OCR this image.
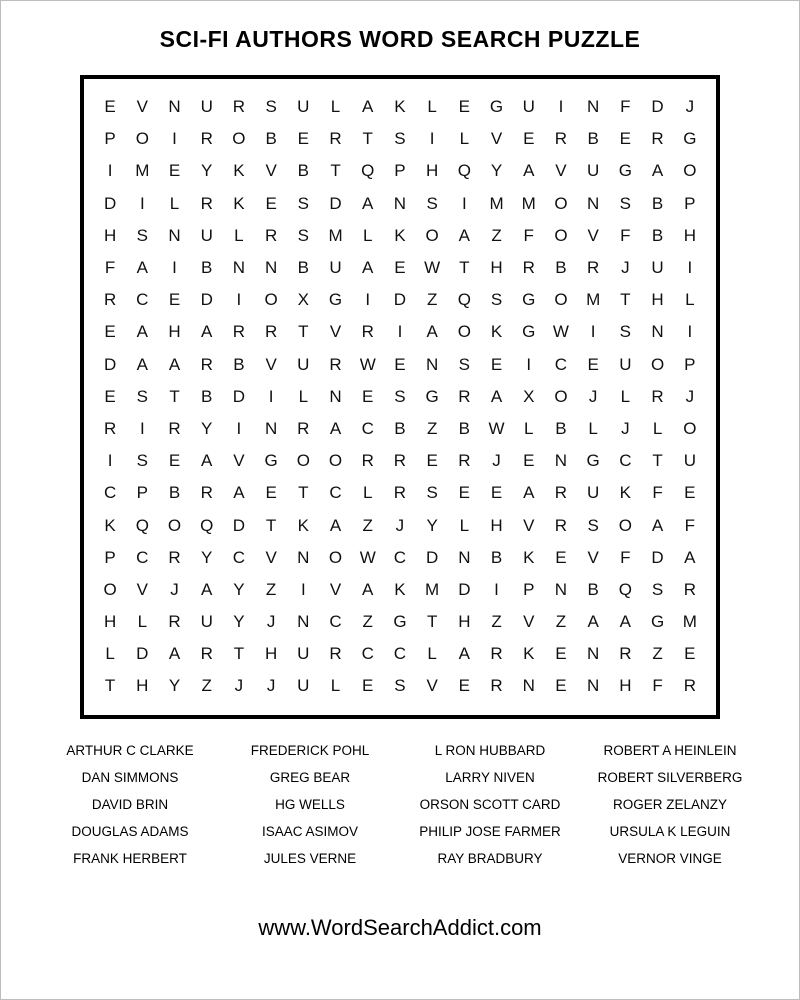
SCI-FI AUTHORS WORD SEARCH PUZZLE
E	V	N	U	R	S	U	L	A	K	L	E	G	U	I	N	F	D	J
P	O	I	R	O	B	E	R	T	S	I	L	V	E	R	B	E	R	G
I	M	E	Y	K	V	B	T	Q	P	H	Q	Y	A	V	U	G	A	O
D	I	L	R	K	E	S	D	A	N	S	I	M	M	O	N	S	B	P
H	S	N	U	L	R	S	M	L	K	O	A	Z	F	O	V	F	B	H
F	A	I	B	N	N	B	U	A	E	W	T	H	R	B	R	J	U	I
R	C	E	D	I	O	X	G	I	D	Z	Q	S	G	O	M	T	H	L
E	A	H	A	R	R	T	V	R	I	A	O	K	G	W	I	S	N	I
D	A	A	R	B	V	U	R	W	E	N	S	E	I	C	E	U	O	P
E	S	T	B	D	I	L	N	E	S	G	R	A	X	O	J	L	R	J
R	I	R	Y	I	N	R	A	C	B	Z	B	W	L	B	L	J	L	O
I	S	E	A	V	G	O	O	R	R	E	R	J	E	N	G	C	T	U
C	P	B	R	A	E	T	C	L	R	S	E	E	A	R	U	K	F	E
K	Q	O	Q	D	T	K	A	Z	J	Y	L	H	V	R	S	O	A	F
P	C	R	Y	C	V	N	O	W	C	D	N	B	K	E	V	F	D	A
O	V	J	A	Y	Z	I	V	A	K	M	D	I	P	N	B	Q	S	R
H	L	R	U	Y	J	N	C	Z	G	T	H	Z	V	Z	A	A	G	M
L	D	A	R	T	H	U	R	C	C	L	A	R	K	E	N	R	Z	E
T	H	Y	Z	J	J	U	L	E	S	V	E	R	N	E	N	H	F	R
ARTHUR C CLARKE	FREDERICK POHL	L RON HUBBARD	ROBERT A HEINLEIN
DAN SIMMONS	GREG BEAR	LARRY NIVEN	ROBERT SILVERBERG
DAVID BRIN	HG WELLS	ORSON SCOTT CARD	ROGER ZELANZY
DOUGLAS ADAMS	ISAAC ASIMOV	PHILIP JOSE FARMER	URSULA K LEGUIN
FRANK HERBERT	JULES VERNE	RAY BRADBURY	VERNOR VINGE
www.WordSearchAddict.com
